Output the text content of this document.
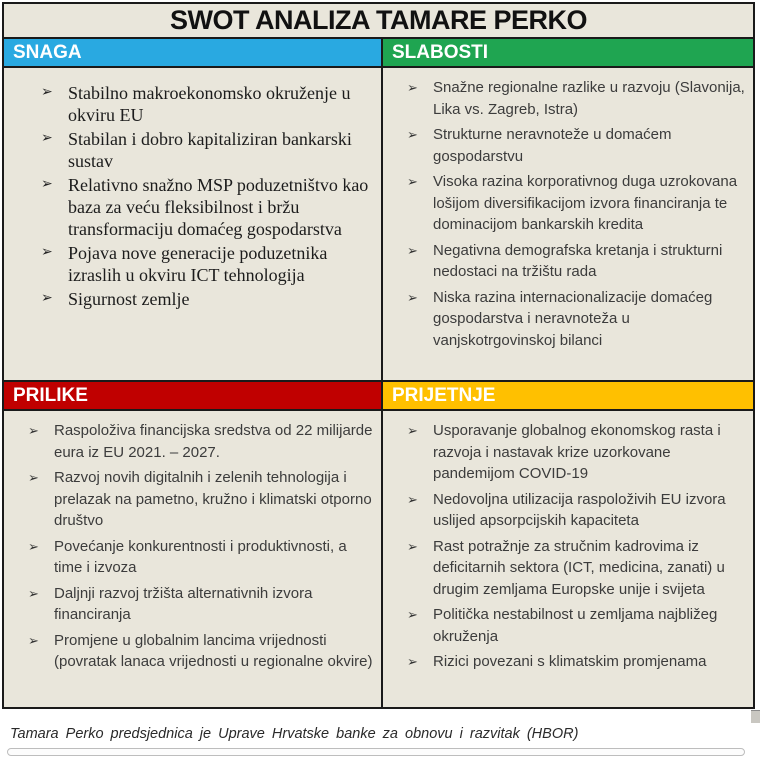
SWOT ANALIZA TAMARE PERKO
SNAGA	SLABOSTI
➢ Stabilno makroekonomsko okruženje u okviru EU
➢ Stabilan i dobro kapitaliziran bankarski sustav
➢ Relativno snažno MSP poduzetništvo kao baza za veću fleksibilnost i bržu transformaciju domaćeg gospodarstva
➢ Pojava nove generacije poduzetnika izraslih u okviru ICT tehnologija
➢ Sigurnost zemlje
➢	Snažne regionalne razlike u razvoju (Slavonija, Lika vs. Zagreb, Istra)
➢	Strukturne neravnoteže u domaćem gospodarstvu
➢	Visoka razina korporativnog duga uzrokovana lošijom diversifikacijom izvora financiranja te dominacijom bankarskih kredita
➢	Negativna demografska kretanja i strukturni nedostaci na tržištu rada
➢	Niska razina internacionalizacije domaćeg gospodarstva i neravnoteža u vanjskotrgovinskoj bilanci
PRILIKE	PRIJETNJE
➢	Raspoloživa financijska sredstva od 22 milijarde eura iz EU 2021. – 2027.
➢	Razvoj novih digitalnih i zelenih tehnologija i prelazak na pametno, kružno i klimatski otporno društvo
➢	Povećanje konkurentnosti i produktivnosti, a time i izvoza
➢	Daljnji razvoj tržišta alternativnih izvora financiranja
➢	Promjene u globalnim lancima vrijednosti (povratak lanaca vrijednosti u regionalne okvire)
➢	Usporavanje globalnog ekonomskog rasta i razvoja i nastavak krize uzorkovane pandemijom COVID-19
➢	Nedovoljna utilizacija raspoloživih EU izvora uslijed apsorpcijskih kapaciteta
➢	Rast potražnje za stručnim kadrovima iz deficitarnih sektora (ICT, medicina, zanati) u drugim zemljama Europske unije i svijeta
➢	Politička nestabilnost u zemljama najbližeg okruženja
➢	Rizici povezani s klimatskim promjenama
Tamara Perko predsjednica je Uprave Hrvatske banke za obnovu i razvitak (HBOR)
